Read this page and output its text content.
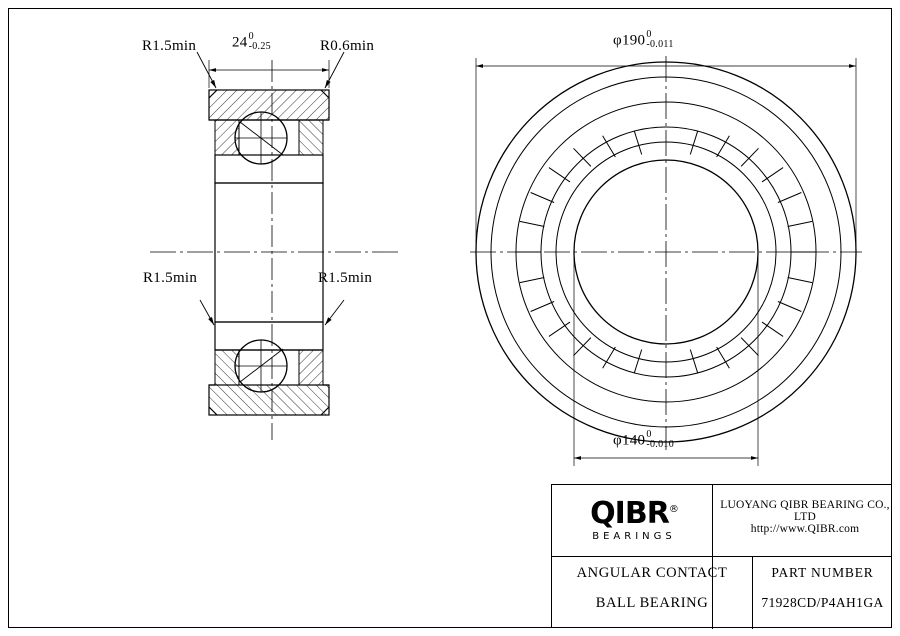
R1.5min 24 0
-0.25	R0.6min
R1.5min	R1.5min
φ190 0
-0.011
φ140 0
-0.010
QIBR®
BEARINGS
LUOYANG QIBR BEARING CO., LTD
http://www.QIBR.com
ANGULAR CONTACT
BALL BEARING
PART NUMBER
71928CD/P4AH1GA
